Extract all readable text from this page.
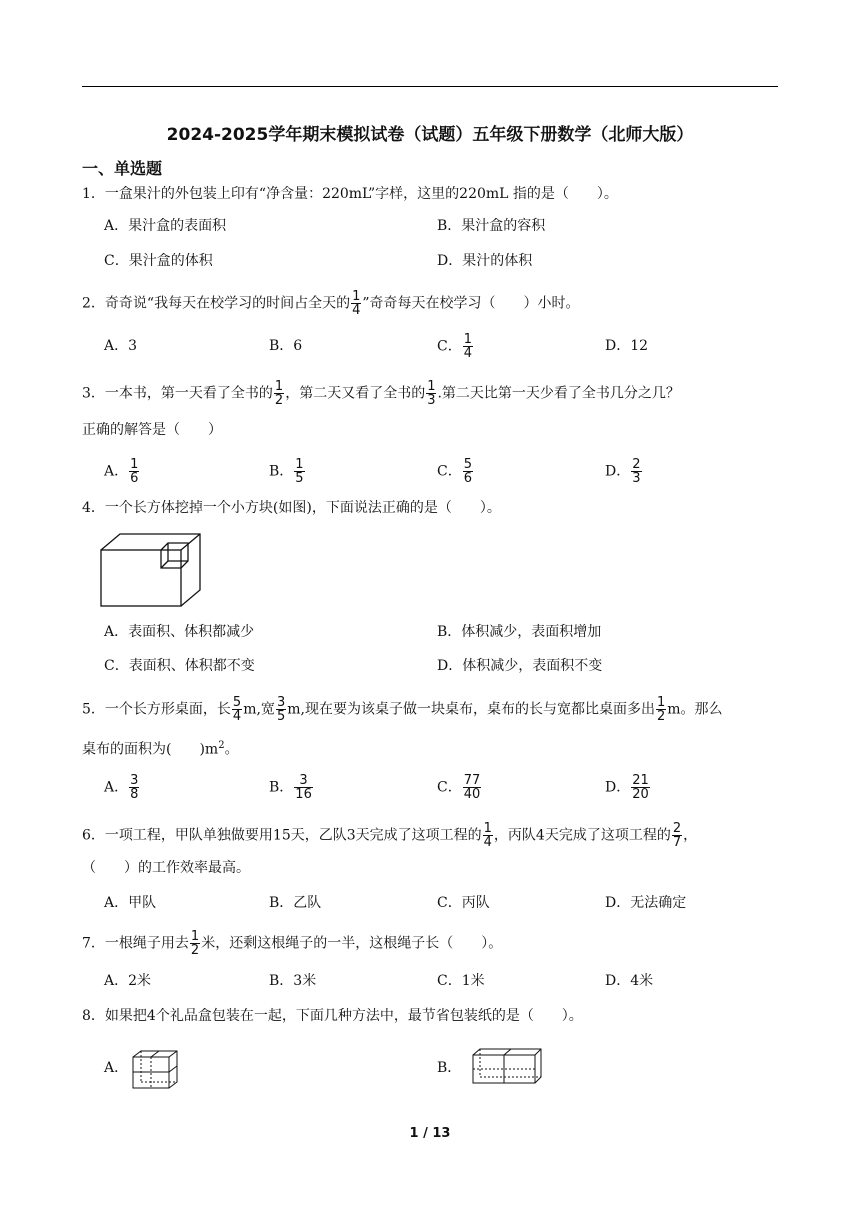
2024-2025学年期末模拟试卷（试题）五年级下册数学（北师大版）
一、单选题
1．一盒果汁的外包装上印有“净含量：220mL”字样，这里的220mL 指的是（　　）。
A．果汁盒的表面积	B．果汁盒的容积
C．果汁盒的体积	D．果汁的体积
2．奇奇说“我每天在校学习的时间占全天的 $\frac{1}{4}$ ”奇奇每天在校学习（　　）小时。
A．3	B．6	C． $\frac{1}{4}$	D．12
3．一本书，第一天看了全书的 $\frac{1}{2}$ ，第二天又看了全书的 $\frac{1}{3}$ .第二天比第一天少看了全书几分之几？
正确的解答是（　　）
A． $\frac{1}{6}$	B． $\frac{1}{5}$	C． $\frac{5}{6}$	D． $\frac{2}{3}$
4．一个长方体挖掉一个小方块(如图)，下面说法正确的是（　　）。
A．表面积、体积都减少	B．体积减少，表面积增加
C．表面积、体积都不变	D．体积减少，表面积不变
5．一个长方形桌面，长 $\frac{5}{4} m$,宽 $\frac{3}{5} m$,现在要为该桌子做一块桌布，桌布的长与宽都比桌面多出 $\frac{1}{2}$ m。那么
桌布的面积为(　　)$m^2$。
A． $\frac{3}{8}$	B． $\frac{3}{16}$	C． $\frac{77}{40}$	D． $\frac{21}{20}$
6．一项工程，甲队单独做要用15天，乙队3天完成了这项工程的 $\frac{1}{4}$ ，丙队4天完成了这项工程的 $\frac{2}{7}$ ，
（　　）的工作效率最高。
A．甲队	B．乙队	C．丙队	D．无法确定
7．一根绳子用去 $\frac{1}{2}$ 米，还剩这根绳子的一半，这根绳子长（　　）。
A．2米	B．3米	C．1米	D．4米
8．如果把4个礼品盒包装在一起，下面几种方法中，最节省包装纸的是（　　）。
A．	B．
1 / 13
